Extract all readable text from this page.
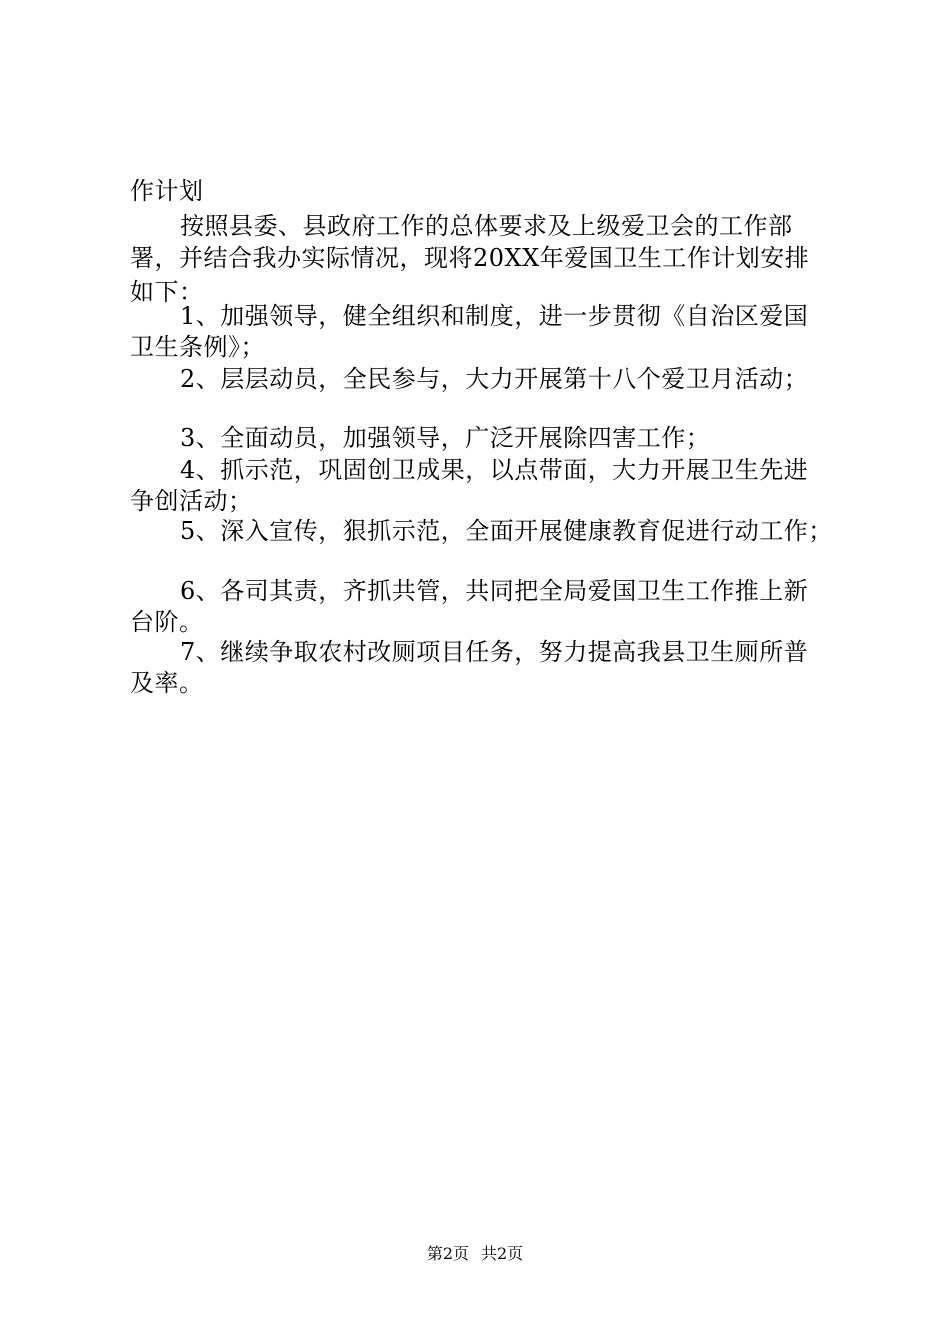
作计划
按照县委、县政府工作的总体要求及上级爱卫会的工作部
署，并结合我办实际情况，现将20XX年爱国卫生工作计划安排
如下：
1、加强领导，健全组织和制度，进一步贯彻《自治区爱国
卫生条例》；
2、层层动员，全民参与，大力开展第十八个爱卫月活动；
3、全面动员，加强领导，广泛开展除四害工作；
4、抓示范，巩固创卫成果，以点带面，大力开展卫生先进
争创活动；
5、深入宣传，狠抓示范，全面开展健康教育促进行动工作；
6、各司其责，齐抓共管，共同把全局爱国卫生工作推上新
台阶。
7、继续争取农村改厕项目任务，努力提高我县卫生厕所普
及率。
第2页 共2页
